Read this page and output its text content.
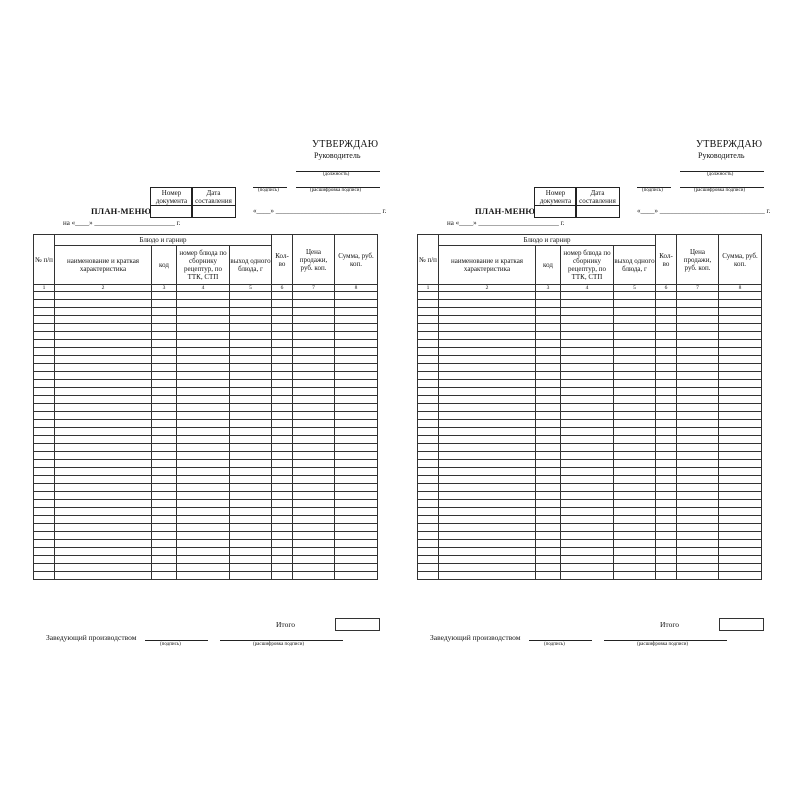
УТВЕРЖДАЮ
Руководитель
(должность)
(подпись)	(расшифровка подписи)
Номер документа
Дата составления
ПЛАН-МЕНЮ	«____» ______________________________ г.
на «____» _______________________ г.
№ п/п	Блюдо и гарнир				Кол-во	Цена продажи, руб. коп.	Сумма, руб. коп.
	наименование и краткая характеристика	код	номер блюда по сборнику рецептур, по ТТК, СТП	выход одного блюда, г			
1	2	3	4	5	6	7	8

Итого
Заведующий производством
(подпись)	(расшифровка подписи)
УТВЕРЖДАЮ
Руководитель
(должность)
(подпись)	(расшифровка подписи)
Номер документа
Дата составления
ПЛАН-МЕНЮ	«____» ______________________________ г.
на «____» _______________________ г.
№ п/п	Блюдо и гарнир				Кол-во	Цена продажи, руб. коп.	Сумма, руб. коп.
	наименование и краткая характеристика	код	номер блюда по сборнику рецептур, по ТТК, СТП	выход одного блюда, г			
1	2	3	4	5	6	7	8

Итого
Заведующий производством
(подпись)	(расшифровка подписи)
